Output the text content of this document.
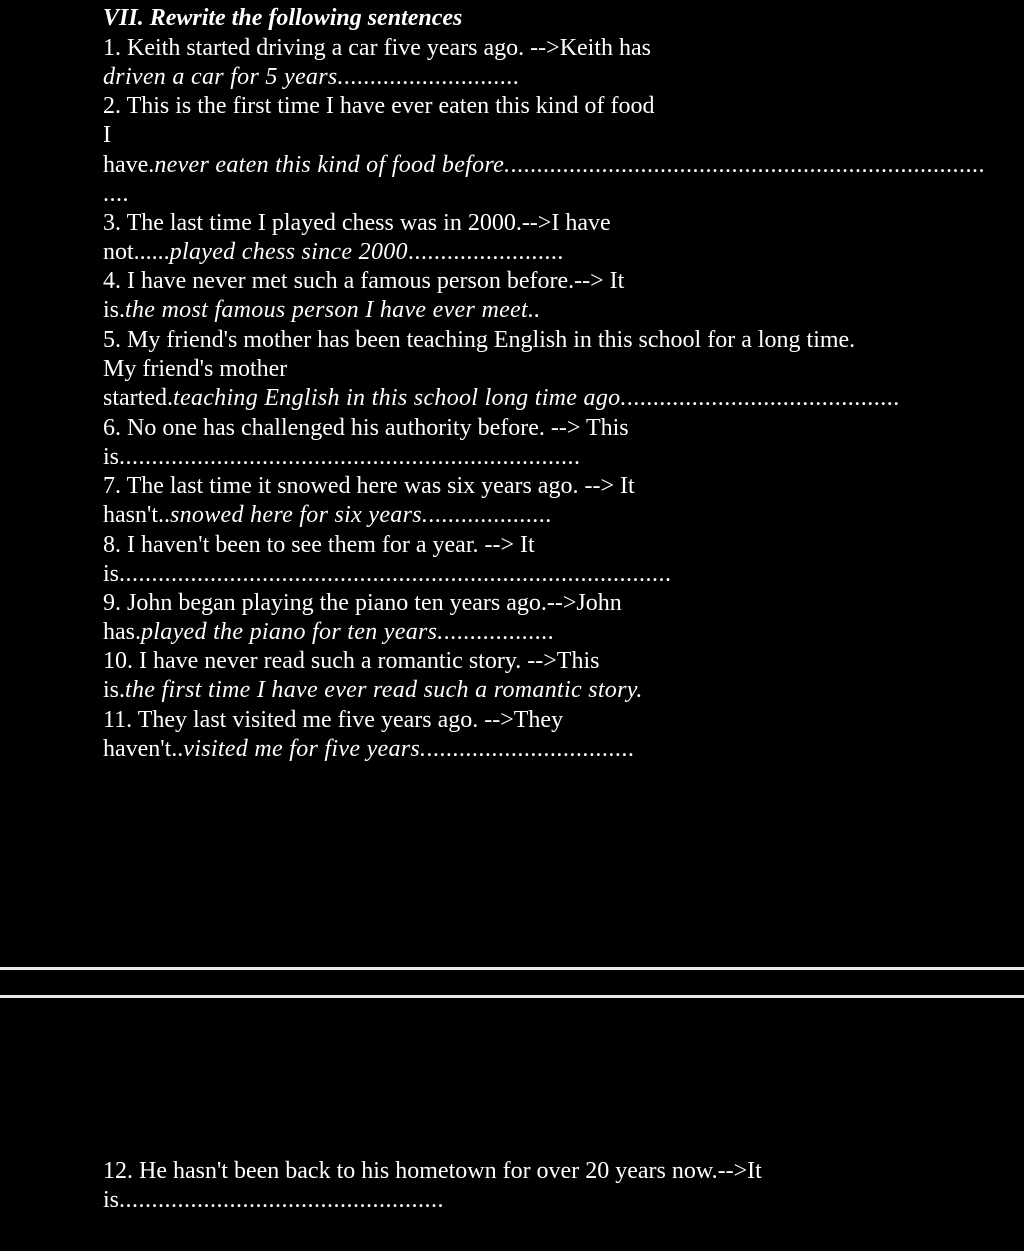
VII. Rewrite the following sentences
1. Keith started driving a car five years ago. -->Keith has
driven a car for 5 years............................
2. This is the first time I have ever eaten this kind of food
I
have.never eaten this kind of food before..........................................................................
....
3. The last time I played chess was in 2000.-->I have
not......played chess since 2000........................
4. I have never met such a famous person before.--> It
is.the most famous person I have ever meet..
5. My friend's mother has been teaching English in this school for a long time.
My friend's mother
started.teaching English in this school long time ago...........................................
6. No one has challenged his authority before. --> This
is.......................................................................
7. The last time it snowed here was six years ago. --> It
hasn't..snowed here for six years....................
8. I haven't been to see them for a year. --> It
is.....................................................................................
9. John began playing the piano ten years ago.-->John
has.played the piano for ten years..................
10. I have never read such a romantic story. -->This
is.the first time I have ever read such a romantic story.
11. They last visited me five years ago. -->They
haven't..visited me for five years.................................
12. He hasn't been back to his hometown for over 20 years now.-->It
is..................................................
